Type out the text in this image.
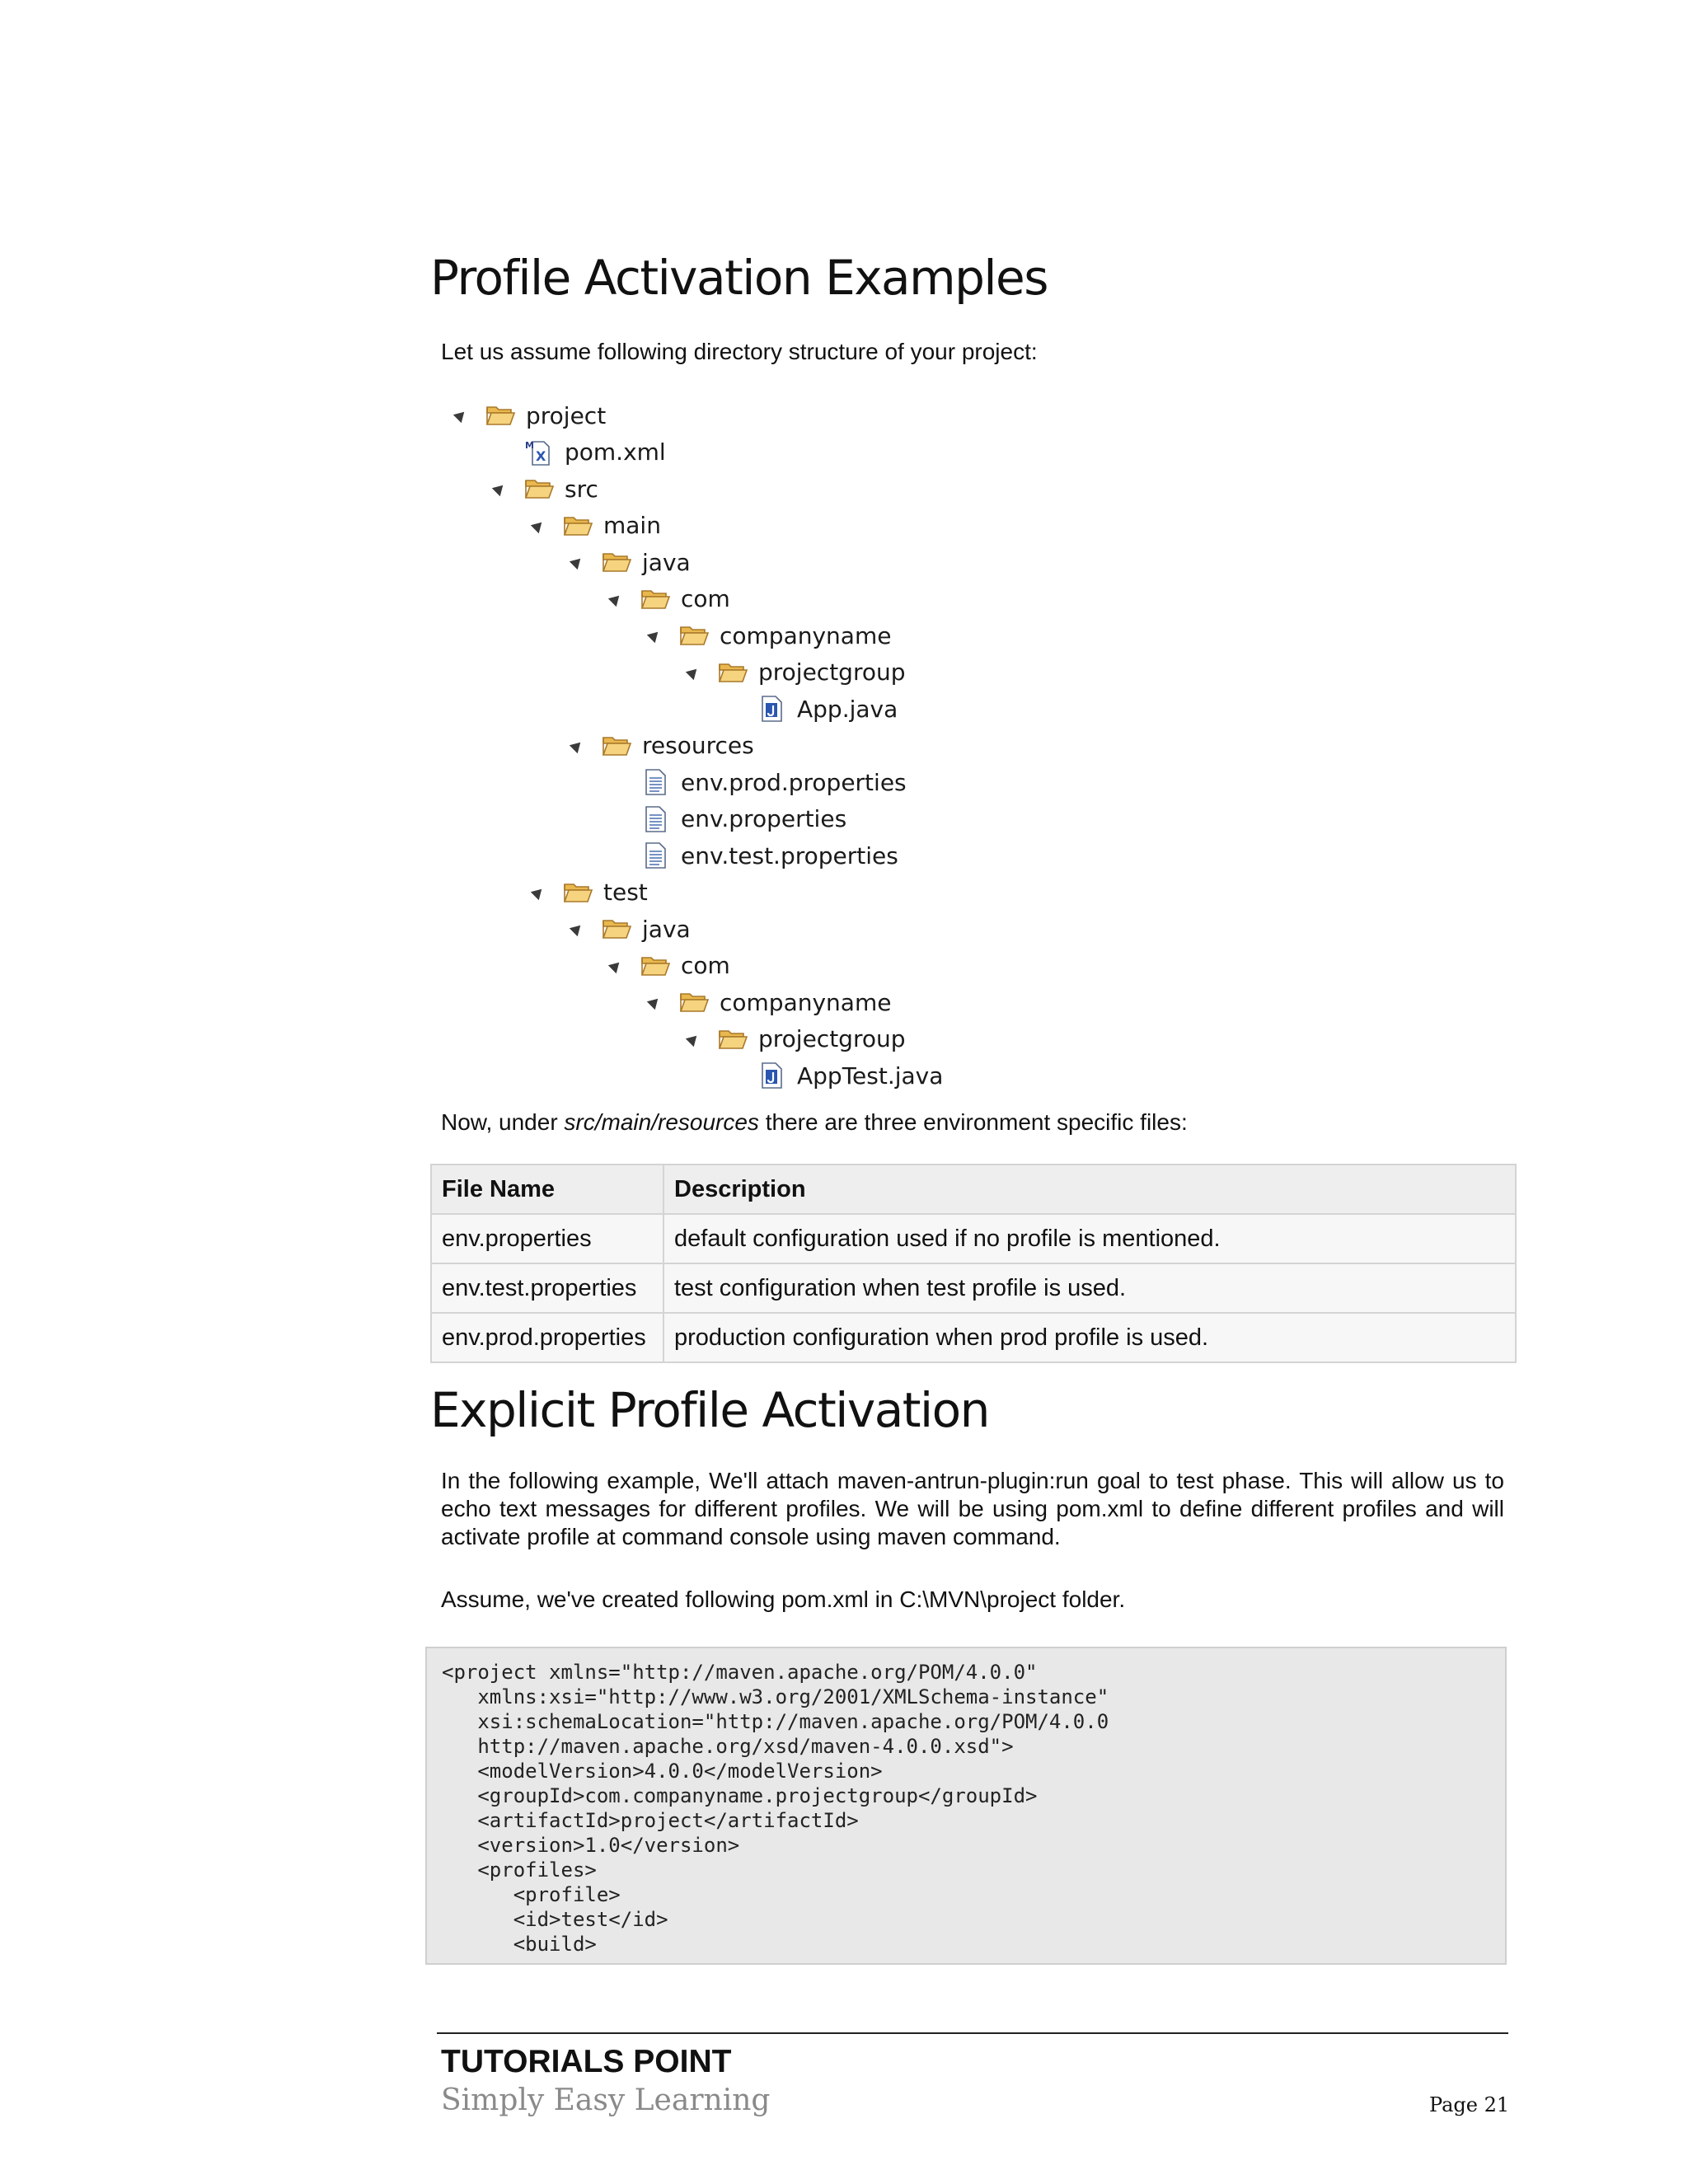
Profile Activation Examples

Let us assume following directory structure of your project:

project
M
X pom.xml
src
main
java
com
companyname
projectgroup
App.java
resources
env.prod.properties
env.properties
env.test.properties
test
java
com
companyname
projectgroup
AppTest.java

Now, under src/main/resources there are three environment specific files:

File Name	Description
env.properties	default configuration used if no profile is mentioned.
env.test.properties	test configuration when test profile is used.
env.prod.properties	production configuration when prod profile is used.
Explicit Profile Activation

In the following example, We'll attach maven-antrun-plugin:run goal to test phase. This will allow us to echo text messages for different profiles. We will be using pom.xml to define different profiles and will activate profile at command console using maven command.

Assume, we've created following pom.xml in C:\MVN\project folder.

<project xmlns="http://maven.apache.org/POM/4.0.0"
xmlns:xsi="http://www.w3.org/2001/XMLSchema-instance"
xsi:schemaLocation="http://maven.apache.org/POM/4.0.0
http://maven.apache.org/xsd/maven-4.0.0.xsd">
<modelVersion>4.0.0</modelVersion>
<groupId>com.companyname.projectgroup</groupId>
<artifactId>project</artifactId>
<version>1.0</version>
<profiles>
<profile>
<id>test</id>
<build>
TUTORIALS POINT
Simply Easy Learning	Page 21
